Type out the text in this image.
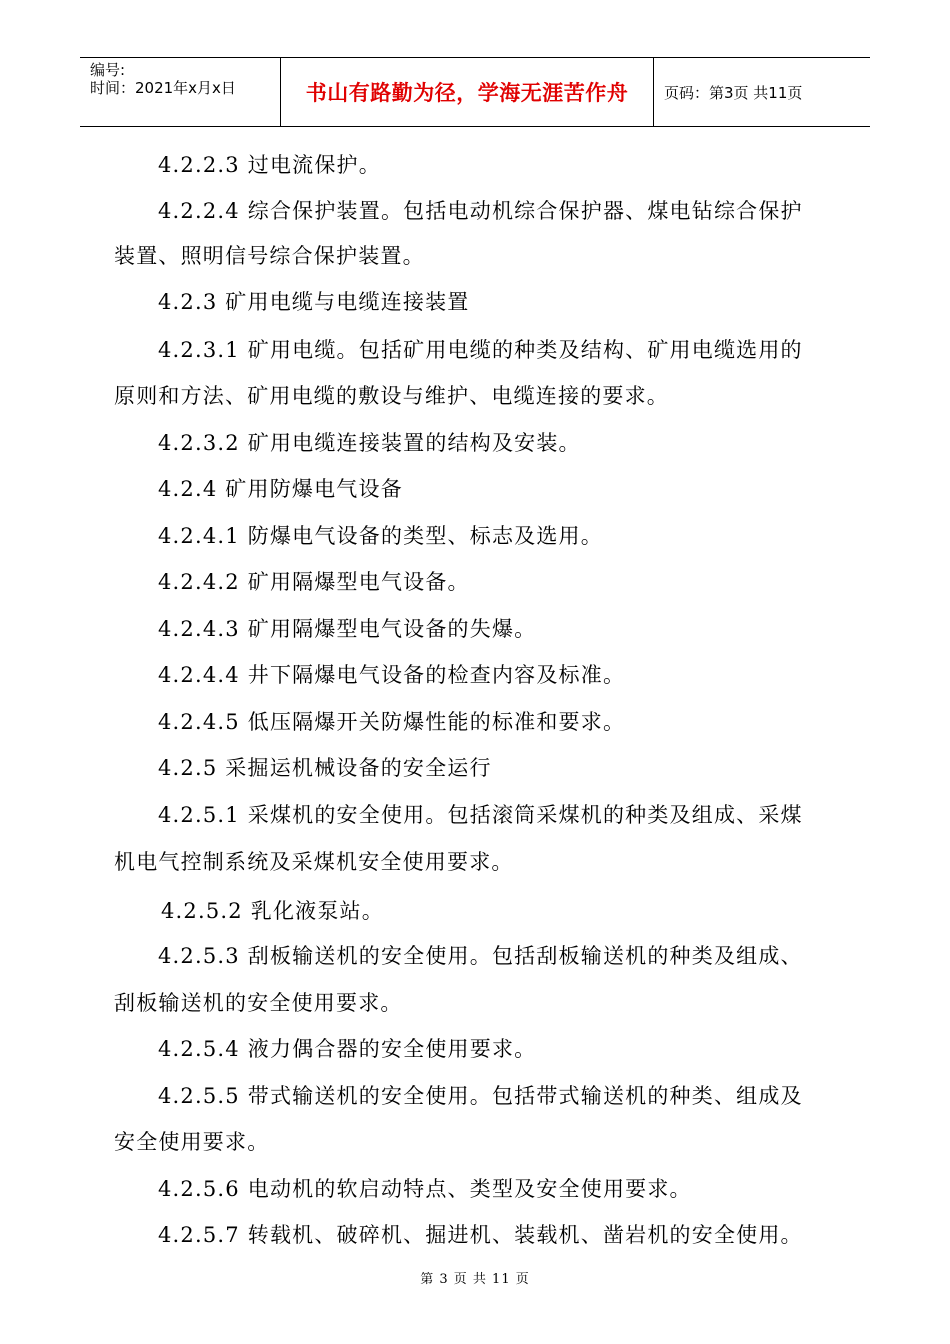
编号:
时间：2021年x月x日	书山有路勤为径，学海无涯苦作舟	页码：第3页 共11页
4.2.2.3 过电流保护。
4.2.2.4 综合保护装置。包括电动机综合保护器、煤电钻综合保护
装置、照明信号综合保护装置。
4.2.3 矿用电缆与电缆连接装置
4.2.3.1 矿用电缆。包括矿用电缆的种类及结构、矿用电缆选用的
原则和方法、矿用电缆的敷设与维护、电缆连接的要求。
4.2.3.2 矿用电缆连接装置的结构及安装。
4.2.4 矿用防爆电气设备
4.2.4.1 防爆电气设备的类型、标志及选用。
4.2.4.2 矿用隔爆型电气设备。
4.2.4.3 矿用隔爆型电气设备的失爆。
4.2.4.4 井下隔爆电气设备的检查内容及标准。
4.2.4.5 低压隔爆开关防爆性能的标准和要求。
4.2.5 采掘运机械设备的安全运行
4.2.5.1 采煤机的安全使用。包括滚筒采煤机的种类及组成、采煤
机电气控制系统及采煤机安全使用要求。
4.2.5.2 乳化液泵站。
4.2.5.3 刮板输送机的安全使用。包括刮板输送机的种类及组成、
刮板输送机的安全使用要求。
4.2.5.4 液力偶合器的安全使用要求。
4.2.5.5 带式输送机的安全使用。包括带式输送机的种类、组成及
安全使用要求。
4.2.5.6 电动机的软启动特点、类型及安全使用要求。
4.2.5.7 转载机、破碎机、掘进机、装载机、凿岩机的安全使用。
第 3 页 共 11 页
